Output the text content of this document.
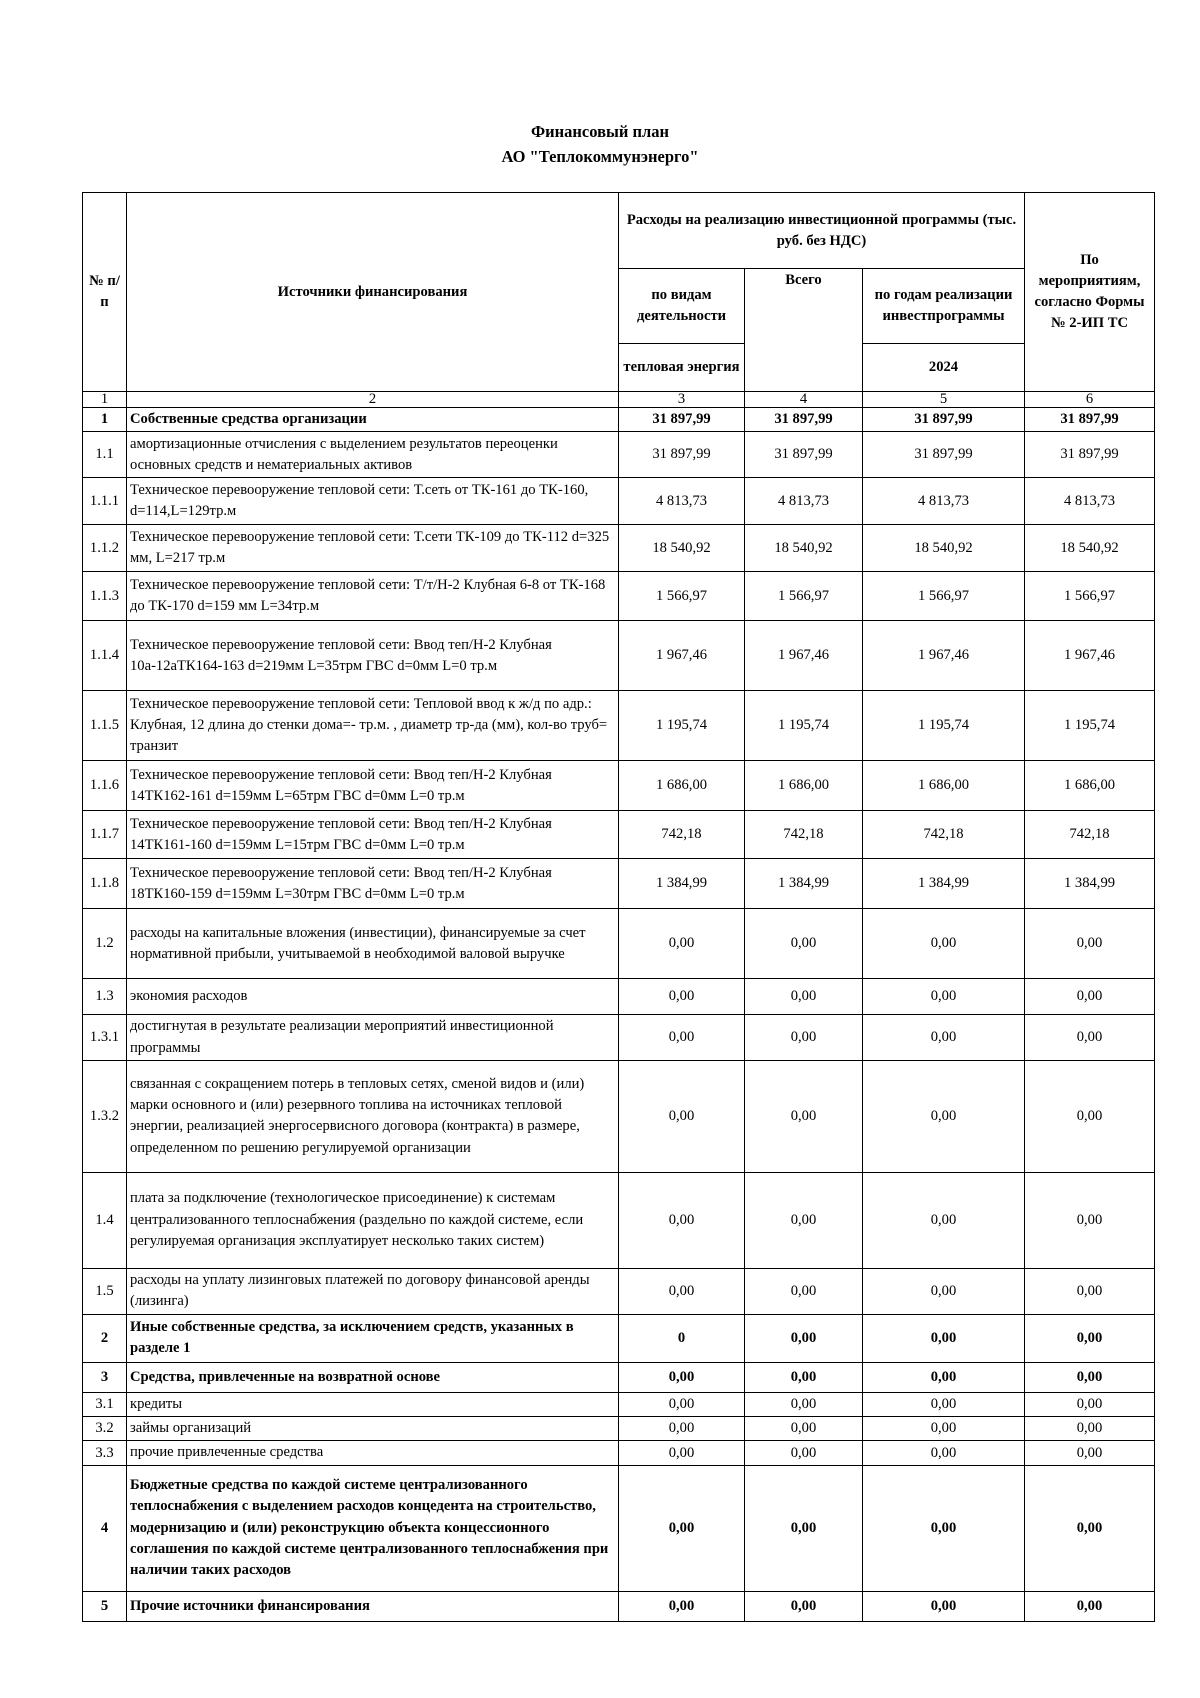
Финансовый план
АО "Теплокоммунэнерго"
№ п/п	Источники финансирования	Расходы на реализацию инвестиционной программы (тыс. руб. без НДС)			По мероприятиям, согласно Формы № 2-ИП ТС
		по видам деятельности	Всего	по годам реализации инвестпрограммы	
		тепловая энергия		2024	
1	2	3	4	5	6
1	Собственные средства организации	31 897,99	31 897,99	31 897,99	31 897,99
1.1	амортизационные отчисления с выделением результатов переоценки основных средств и нематериальных активов	31 897,99	31 897,99	31 897,99	31 897,99
1.1.1	Техническое перевооружение тепловой сети: Т.сеть от ТК-161 до ТК-160, d=114,L=129тр.м	4 813,73	4 813,73	4 813,73	4 813,73
1.1.2	Техническое перевооружение тепловой сети: Т.сети ТК-109 до ТК-112 d=325 мм, L=217 тр.м	18 540,92	18 540,92	18 540,92	18 540,92
1.1.3	Техническое перевооружение тепловой сети: Т/т/Н-2 Клубная 6-8 от ТК-168 до ТК-170 d=159 мм L=34тр.м	1 566,97	1 566,97	1 566,97	1 566,97
1.1.4	Техническое перевооружение тепловой сети: Ввод теп/Н-2 Клубная 10а-12аТК164-163 d=219мм L=35трм ГВС d=0мм L=0 тр.м	1 967,46	1 967,46	1 967,46	1 967,46
1.1.5	Техническое перевооружение тепловой сети: Тепловой ввод к ж/д по адр.: Клубная, 12 длина до стенки дома=- тр.м. , диаметр тр-да (мм), кол-во труб= транзит	1 195,74	1 195,74	1 195,74	1 195,74
1.1.6	Техническое перевооружение тепловой сети: Ввод теп/Н-2 Клубная 14ТК162-161 d=159мм L=65трм ГВС d=0мм L=0 тр.м	1 686,00	1 686,00	1 686,00	1 686,00
1.1.7	Техническое перевооружение тепловой сети: Ввод теп/Н-2 Клубная 14ТК161-160 d=159мм L=15трм ГВС d=0мм L=0 тр.м	742,18	742,18	742,18	742,18
1.1.8	Техническое перевооружение тепловой сети: Ввод теп/Н-2 Клубная 18ТК160-159 d=159мм L=30трм ГВС d=0мм L=0 тр.м	1 384,99	1 384,99	1 384,99	1 384,99
1.2	расходы на капитальные вложения (инвестиции), финансируемые за счет нормативной прибыли, учитываемой в необходимой валовой выручке	0,00	0,00	0,00	0,00
1.3	экономия расходов	0,00	0,00	0,00	0,00
1.3.1	достигнутая в результате реализации мероприятий инвестиционной программы	0,00	0,00	0,00	0,00
1.3.2	связанная с сокращением потерь в тепловых сетях, сменой видов и (или) марки основного и (или) резервного топлива на источниках тепловой энергии, реализацией энергосервисного договора (контракта) в размере, определенном по решению регулируемой организации	0,00	0,00	0,00	0,00
1.4	плата за подключение (технологическое присоединение) к системам централизованного теплоснабжения (раздельно по каждой системе, если регулируемая организация эксплуатирует несколько таких систем)	0,00	0,00	0,00	0,00
1.5	расходы на уплату лизинговых платежей по договору финансовой аренды (лизинга)	0,00	0,00	0,00	0,00
2	Иные собственные средства, за исключением средств, указанных в разделе 1	0	0,00	0,00	0,00
3	Средства, привлеченные на возвратной основе	0,00	0,00	0,00	0,00
3.1	кредиты	0,00	0,00	0,00	0,00
3.2	займы организаций	0,00	0,00	0,00	0,00
3.3	прочие привлеченные средства	0,00	0,00	0,00	0,00
4	Бюджетные средства по каждой системе централизованного теплоснабжения с выделением расходов концедента на строительство, модернизацию и (или) реконструкцию объекта концессионного соглашения по каждой системе централизованного теплоснабжения при наличии таких расходов	0,00	0,00	0,00	0,00
5	Прочие источники финансирования	0,00	0,00	0,00	0,00
